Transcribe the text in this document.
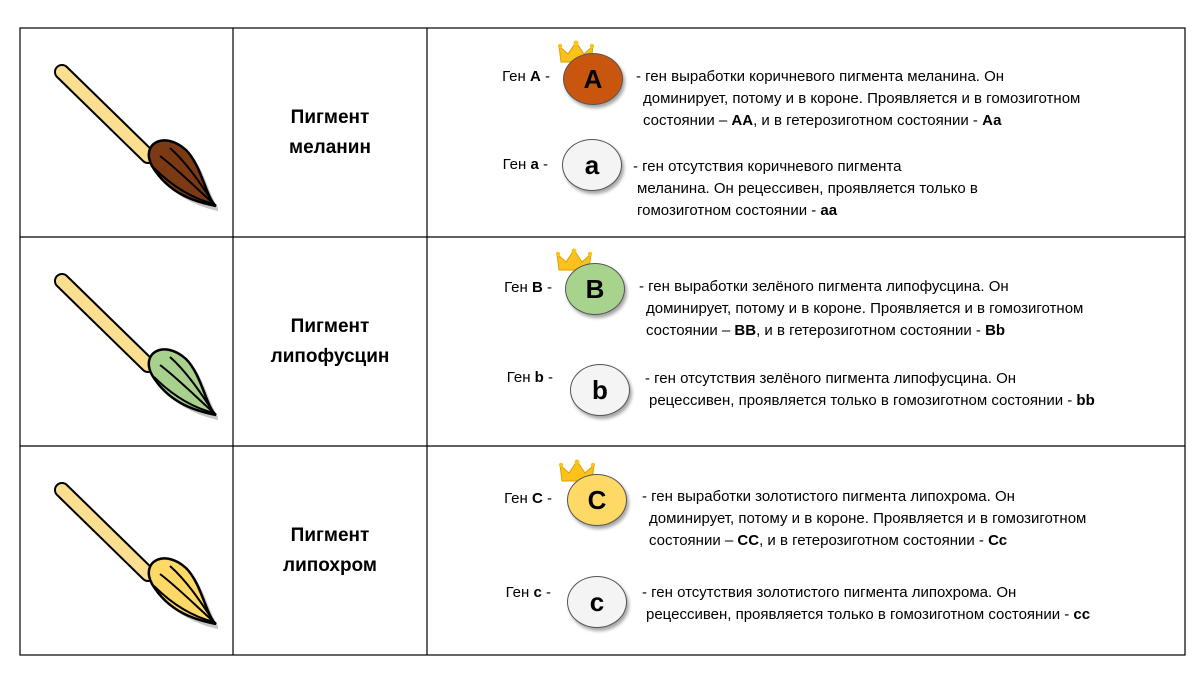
Пигмент
меланин
Ген A -	A	- ген выработки коричневого пигмента меланина. Он
доминирует, потому и в короне. Проявляется и в гомозиготном
состоянии – АА, и в гетерозиготном состоянии - Аа
Ген a -	a	- ген отсутствия коричневого пигмента
меланина. Он рецессивен, проявляется только в
гомозиготном состоянии - аа
Пигмент
липофусцин
Ген B -	B	- ген выработки зелёного пигмента липофусцина. Он
доминирует, потому и в короне. Проявляется и в гомозиготном
состоянии – ВВ, и в гетерозиготном состоянии - Вb
Ген b -	b	- ген отсутствия зелёного пигмента липофусцина. Он
рецессивен, проявляется только в гомозиготном состоянии - bb
Пигмент
липохром
Ген C -	C	- ген выработки золотистого пигмента липохрома. Он
доминирует, потому и в короне. Проявляется и в гомозиготном
состоянии – СС, и в гетерозиготном состоянии - Сс
Ген c -	c	- ген отсутствия золотистого пигмента липохрома. Он
рецессивен, проявляется только в гомозиготном состоянии - сс
